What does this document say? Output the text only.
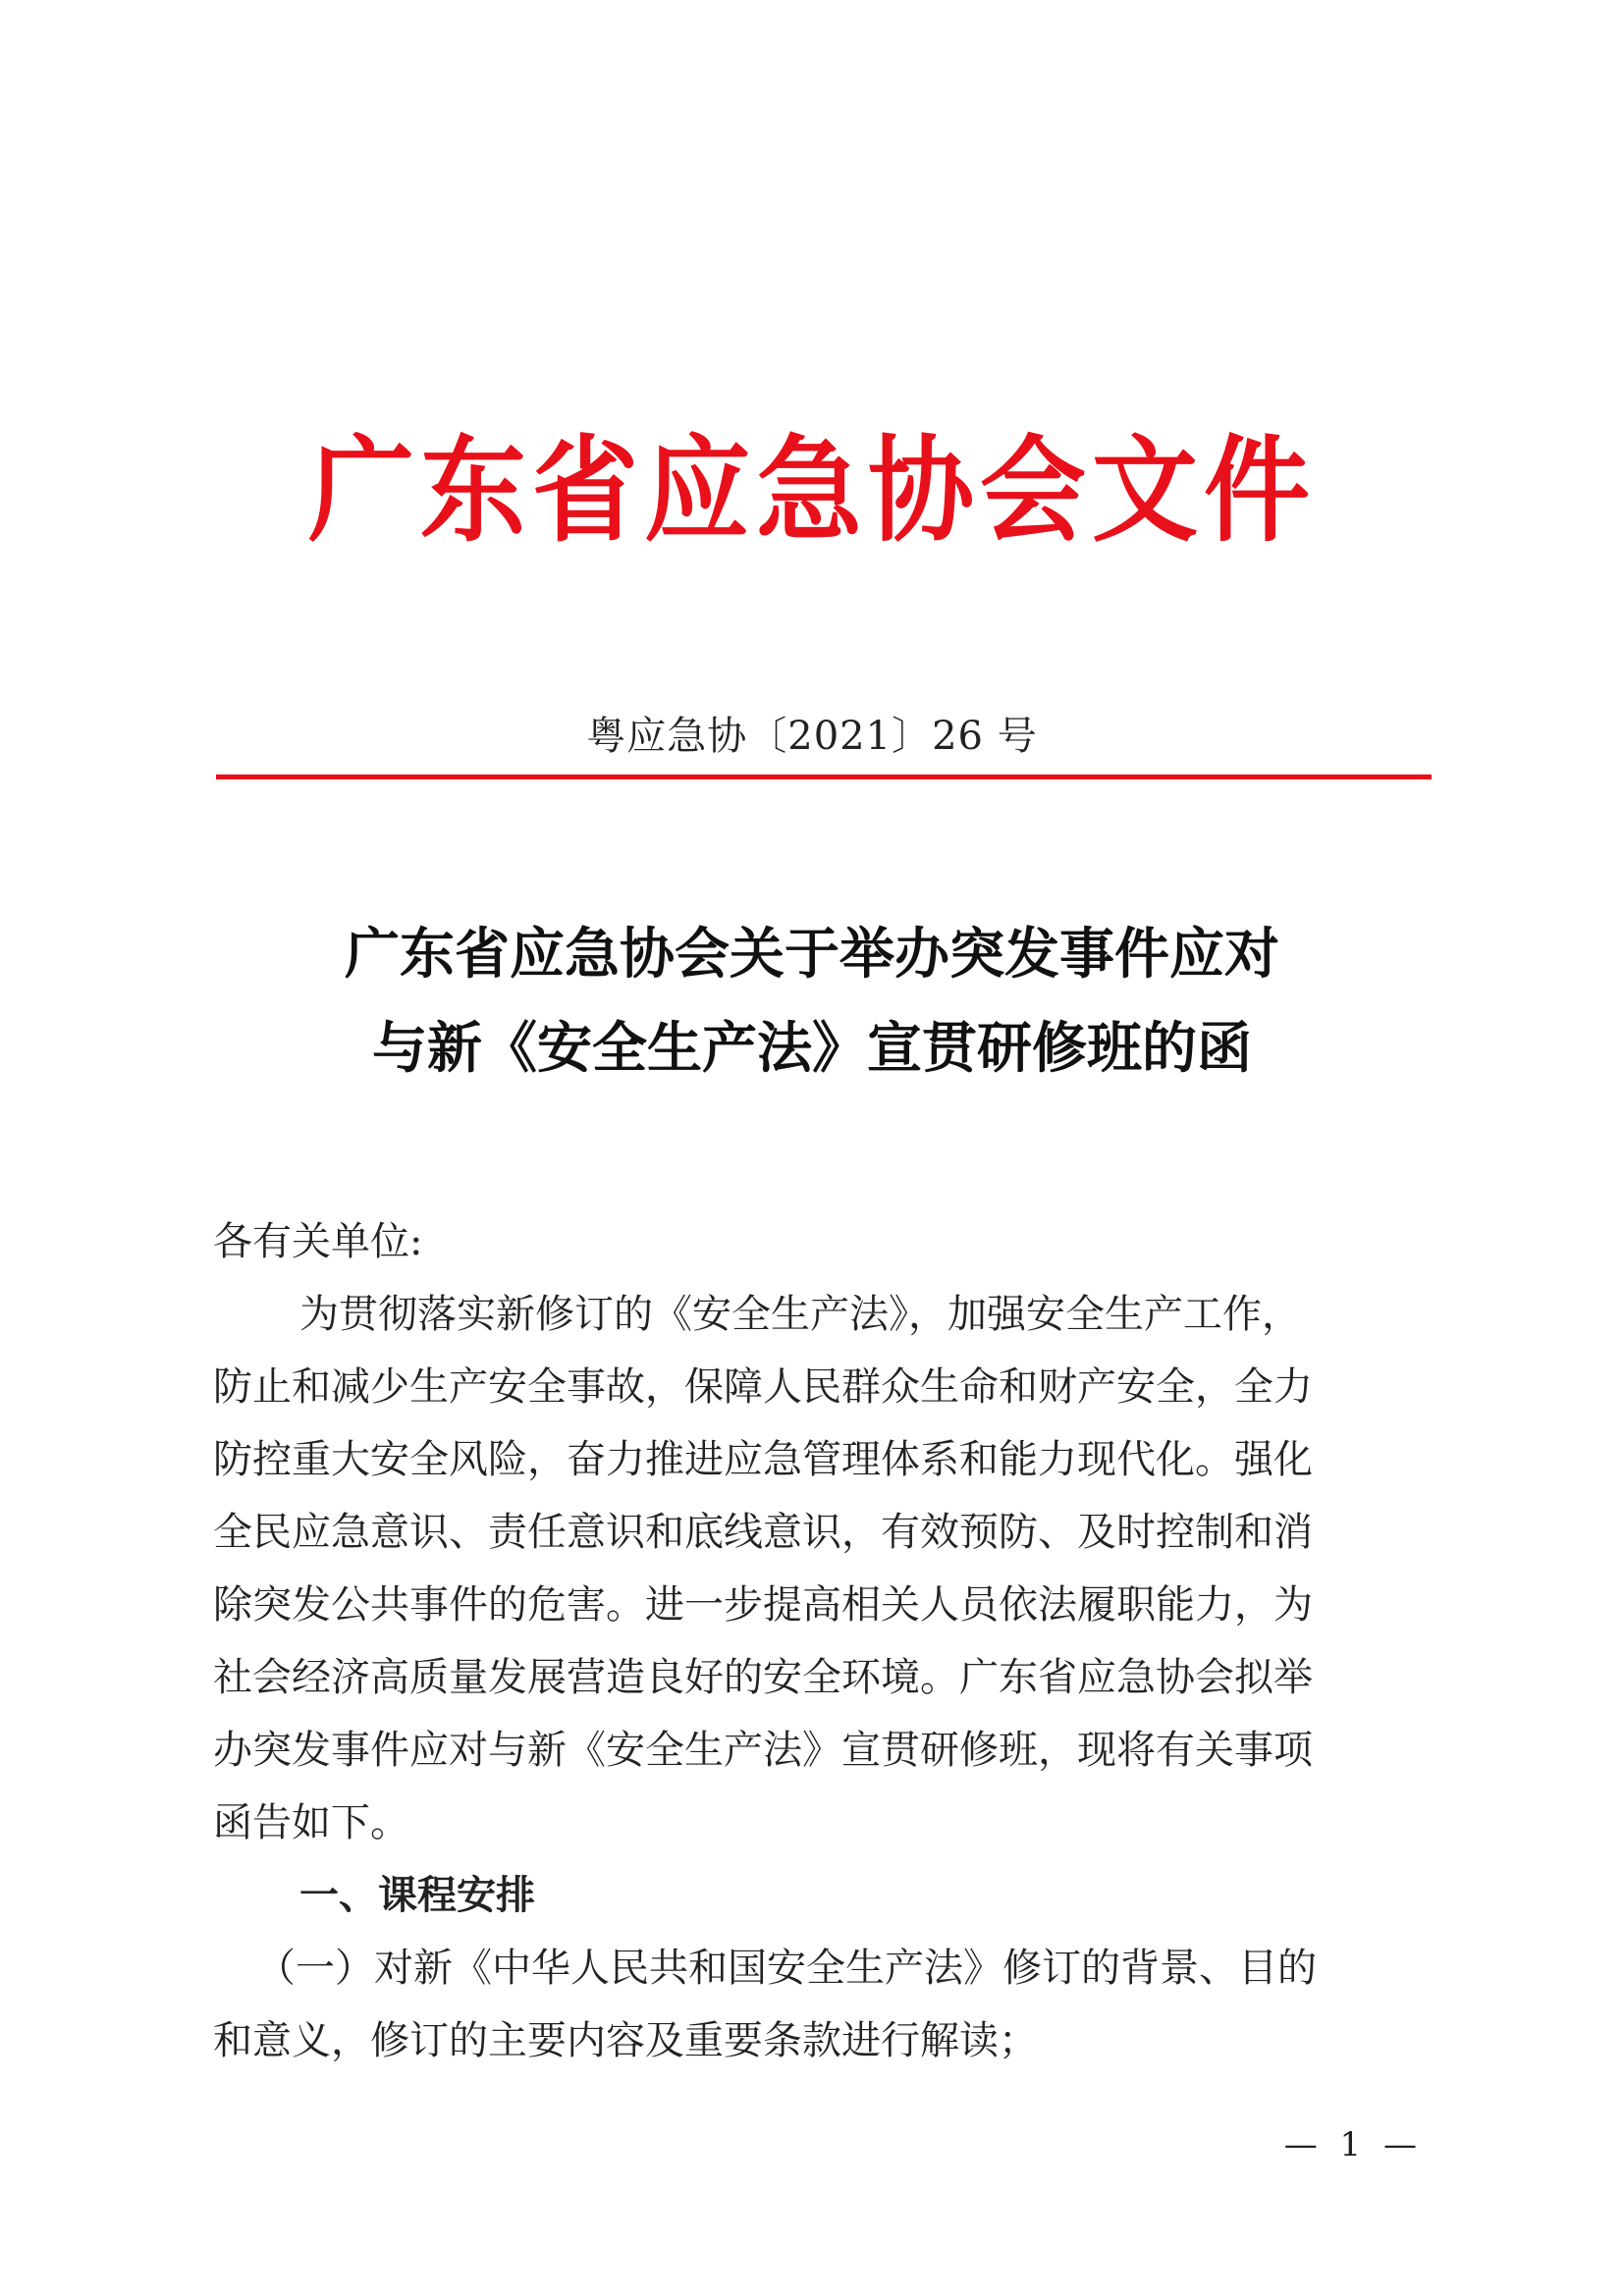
广东省应急协会文件
粤应急协〔2021〕26 号
广东省应急协会关于举办突发事件应对
与新《安全生产法》宣贯研修班的函

各有关单位:

为贯彻落实新修订的《安全生产法》，加强安全生产工作，
防止和减少生产安全事故，保障人民群众生命和财产安全，全力
防控重大安全风险，奋力推进应急管理体系和能力现代化。强化
全民应急意识、责任意识和底线意识，有效预防、及时控制和消
除突发公共事件的危害。进一步提高相关人员依法履职能力，为
社会经济高质量发展营造良好的安全环境。广东省应急协会拟举
办突发事件应对与新《安全生产法》宣贯研修班，现将有关事项
函告如下。

一、课程安排

（一）对新《中华人民共和国安全生产法》修订的背景、目的
和意义，修订的主要内容及重要条款进行解读；

— 1 —
